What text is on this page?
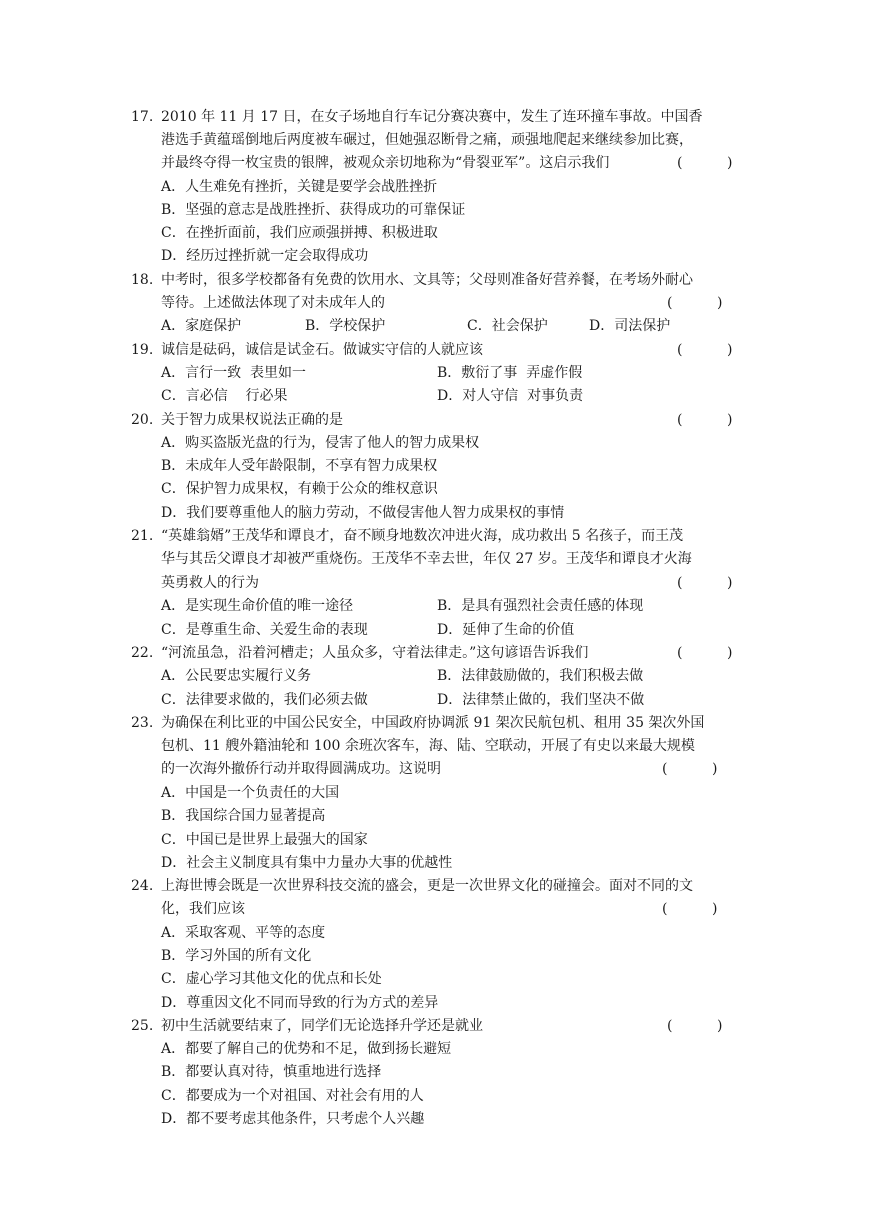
17. 2010 年 11 月 17 日，在女子场地自行车记分赛决赛中，发生了连环撞车事故。中国香
港选手黄蕴瑶倒地后两度被车碾过，但她强忍断骨之痛，顽强地爬起来继续参加比赛，
并最终夺得一枚宝贵的银牌，被观众亲切地称为“骨裂亚军”。这启示我们	(          )
A．人生难免有挫折，关键是要学会战胜挫折
B．坚强的意志是战胜挫折、获得成功的可靠保证
C．在挫折面前，我们应顽强拼搏、积极进取
D．经历过挫折就一定会取得成功
18. 中考时，很多学校都备有免费的饮用水、文具等；父母则准备好营养餐，在考场外耐心
等待。上述做法体现了对未成年人的	(          )
A．家庭保护	B．学校保护	C．社会保护	D．司法保护
19. 诚信是砝码，诚信是试金石。做诚实守信的人就应该	(          )
A．言行一致  表里如一	B．敷衍了事  弄虚作假
C．言必信    行必果	D．对人守信  对事负责
20. 关于智力成果权说法正确的是	(          )
A．购买盗版光盘的行为，侵害了他人的智力成果权
B．未成年人受年龄限制，不享有智力成果权
C．保护智力成果权，有赖于公众的维权意识
D．我们要尊重他人的脑力劳动，不做侵害他人智力成果权的事情
21. “英雄翁婿”王茂华和谭良才，奋不顾身地数次冲进火海，成功救出 5 名孩子，而王茂
华与其岳父谭良才却被严重烧伤。王茂华不幸去世，年仅 27 岁。王茂华和谭良才火海
英勇救人的行为	(          )
A．是实现生命价值的唯一途径	B．是具有强烈社会责任感的体现
C．是尊重生命、关爱生命的表现	D．延伸了生命的价值
22. “河流虽急，沿着河槽走；人虽众多，守着法律走。”这句谚语告诉我们	(          )
A．公民要忠实履行义务	B．法律鼓励做的，我们积极去做
C．法律要求做的，我们必须去做	D．法律禁止做的，我们坚决不做
23. 为确保在利比亚的中国公民安全，中国政府协调派 91 架次民航包机、租用 35 架次外国
包机、11 艘外籍油轮和 100 余班次客车，海、陆、空联动，开展了有史以来最大规模
的一次海外撤侨行动并取得圆满成功。这说明	(          )
A．中国是一个负责任的大国
B．我国综合国力显著提高
C．中国已是世界上最强大的国家
D．社会主义制度具有集中力量办大事的优越性
24. 上海世博会既是一次世界科技交流的盛会，更是一次世界文化的碰撞会。面对不同的文
化，我们应该	(          )
A．采取客观、平等的态度
B．学习外国的所有文化
C．虚心学习其他文化的优点和长处
D．尊重因文化不同而导致的行为方式的差异
25. 初中生活就要结束了，同学们无论选择升学还是就业	(          )
A．都要了解自己的优势和不足，做到扬长避短
B．都要认真对待，慎重地进行选择
C．都要成为一个对祖国、对社会有用的人
D．都不要考虑其他条件，只考虑个人兴趣
